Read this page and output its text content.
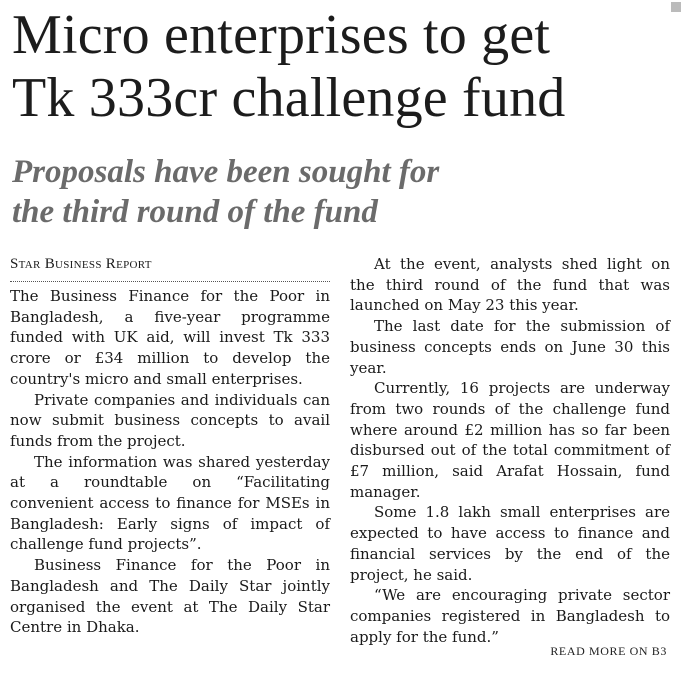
Micro enterprises to get
Tk 333cr challenge fund
Proposals have been sought for
the third round of the fund
Star Business Report

The Business Finance for the Poor in Bangladesh, a five-year programme funded with UK aid, will invest Tk 333 crore or £34 million to develop the country's micro and small enterprises.

Private companies and individuals can now submit business concepts to avail funds from the project.

The information was shared yesterday at a roundtable on “Facilitating convenient access to finance for MSEs in Bangladesh: Early signs of impact of challenge fund projects”.

Business Finance for the Poor in Bangladesh and The Daily Star jointly organised the event at The Daily Star Centre in Dhaka.

At the event, analysts shed light on the third round of the fund that was launched on May 23 this year.

The last date for the submission of business concepts ends on June 30 this year.

Currently, 16 projects are underway from two rounds of the challenge fund where around £2 million has so far been disbursed out of the total commitment of £7 million, said Arafat Hossain, fund manager.

Some 1.8 lakh small enterprises are expected to have access to finance and financial services by the end of the project, he said.

“We are encouraging private sector companies registered in Bangladesh to apply for the fund.”

READ MORE ON B3
